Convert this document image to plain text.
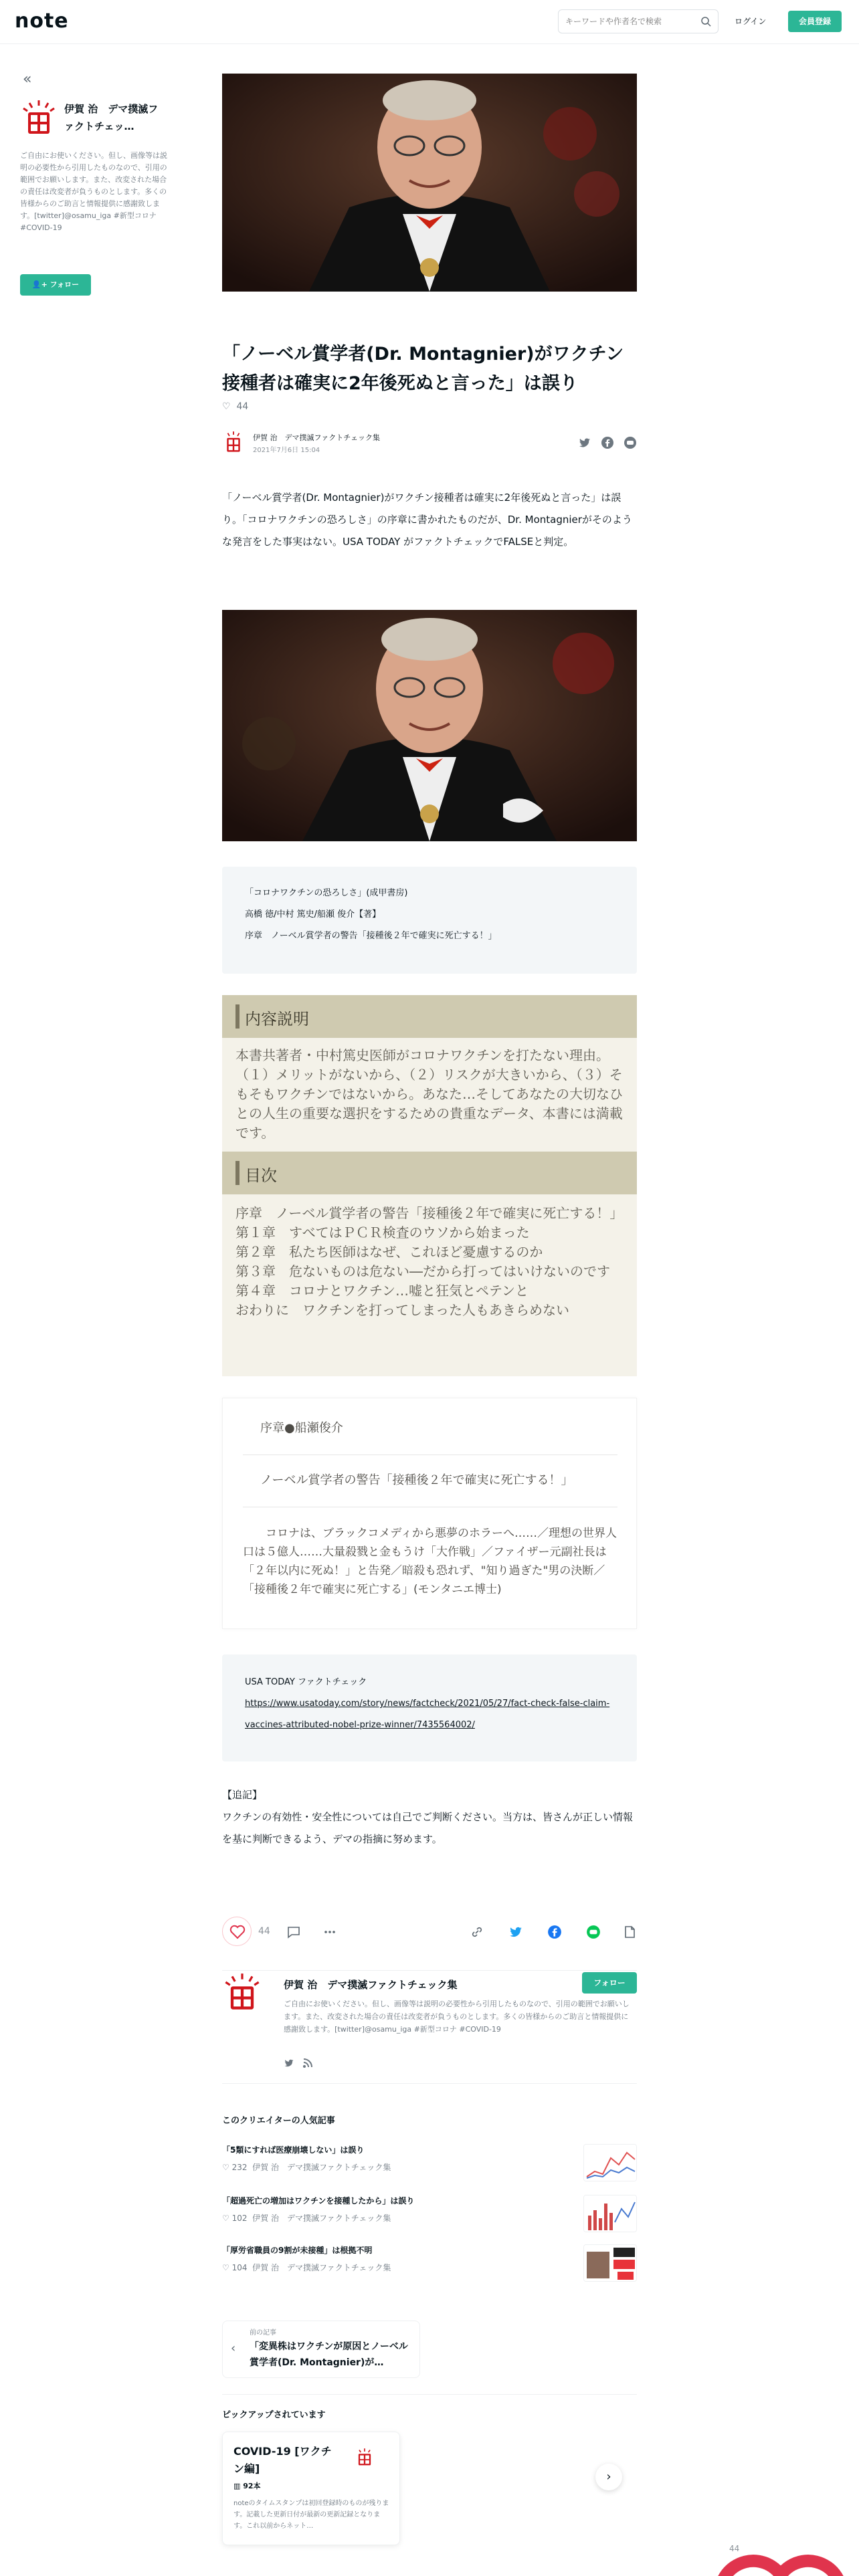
note
キーワードや作者名で検索	ログイン	会員登録
«
伊賀 治　デマ撲滅ファクトチェッ…
ご自由にお使いください。但し、画像等は説明の必要性から引用したものなので、引用の範囲でお願いします。また、改変された場合の責任は改変者が負うものとします。多くの皆様からのご助言と情報提供に感謝致します。[twitter]@osamu_iga #新型コロナ #COVID-19
👤+ フォロー
「ノーベル賞学者(Dr. Montagnier)がワクチン接種者は確実に2年後死ぬと言った」は誤り
♡ 44
伊賀 治　デマ撲滅ファクトチェック集
2021年7月6日 15:04
「ノーベル賞学者(Dr. Montagnier)がワクチン接種者は確実に2年後死ぬと言った」は誤り。「コロナワクチンの恐ろしさ」の序章に書かれたものだが、Dr. Montagnierがそのような発言をした事実はない。USA TODAY がファクトチェックでFALSEと判定。

「コロナワクチンの恐ろしさ」(成甲書房)

高橋 徳/中村 篤史/船瀬 俊介【著】

序章　ノーベル賞学者の警告「接種後２年で確実に死亡する！」

内容説明
本書共著者・中村篤史医師がコロナワクチンを打たない理由。（１）メリットがないから、（２）リスクが大きいから、（３）そもそもワクチンではないから。あなた…そしてあなたの大切なひとの人生の重要な選択をするための貴重なデータ、本書には満載です。
目次
序章　ノーベル賞学者の警告「接種後２年で確実に死亡する！」
第１章　すべてはＰＣＲ検査のウソから始まった
第２章　私たち医師はなぜ、これほど憂慮するのか
第３章　危ないものは危ない―だから打ってはいけないのです
第４章　コロナとワクチン…嘘と狂気とペテンと
おわりに　ワクチンを打ってしまった人もあきらめない
序章●船瀬俊介
ノーベル賞学者の警告「接種後２年で確実に死亡する！」
コロナは、ブラックコメディから悪夢のホラーへ……／理想の世界人口は５億人……大量殺戮と金もうけ「大作戦」／ファイザー元副社長は「２年以内に死ぬ！」と告発／暗殺も恐れず、"知り過ぎた"男の決断／「接種後２年で確実に死亡する」(モンタニエ博士)

USA TODAY ファクトチェック

https://www.usatoday.com/story/news/factcheck/2021/05/27/fact-check-false-claim-vaccines-attributed-nobel-prize-winner/7435564002/

【追記】
ワクチンの有効性・安全性については自己でご判断ください。当方は、皆さんが正しい情報を基に判断できるよう、デマの指摘に努めます。
44
伊賀 治　デマ撲滅ファクトチェック集	フォロー
ご自由にお使いください。但し、画像等は説明の必要性から引用したものなので、引用の範囲でお願いします。また、改変された場合の責任は改変者が負うものとします。多くの皆様からのご助言と情報提供に感謝致します。[twitter]@osamu_iga #新型コロナ #COVID-19
このクリエイターの人気記事
「5類にすれば医療崩壊しない」は誤り
♡ 232 伊賀 治　デマ撲滅ファクトチェック集
「超過死亡の増加はワクチンを接種したから」は誤り
♡ 102 伊賀 治　デマ撲滅ファクトチェック集
「厚労省職員の9割が未接種」は根拠不明
♡ 104 伊賀 治　デマ撲滅ファクトチェック集
‹
前の記事
「変異株はワクチンが原因とノーベル賞学者(Dr. Montagnier)が…
ピックアップされています
COVID-19 [ワクチン編]
▥ 92本
noteのタイムスタンプは初回登録時のものが残ります。記載した更新日付が最新の更新記録となります。これ以前からネット…
›

44
